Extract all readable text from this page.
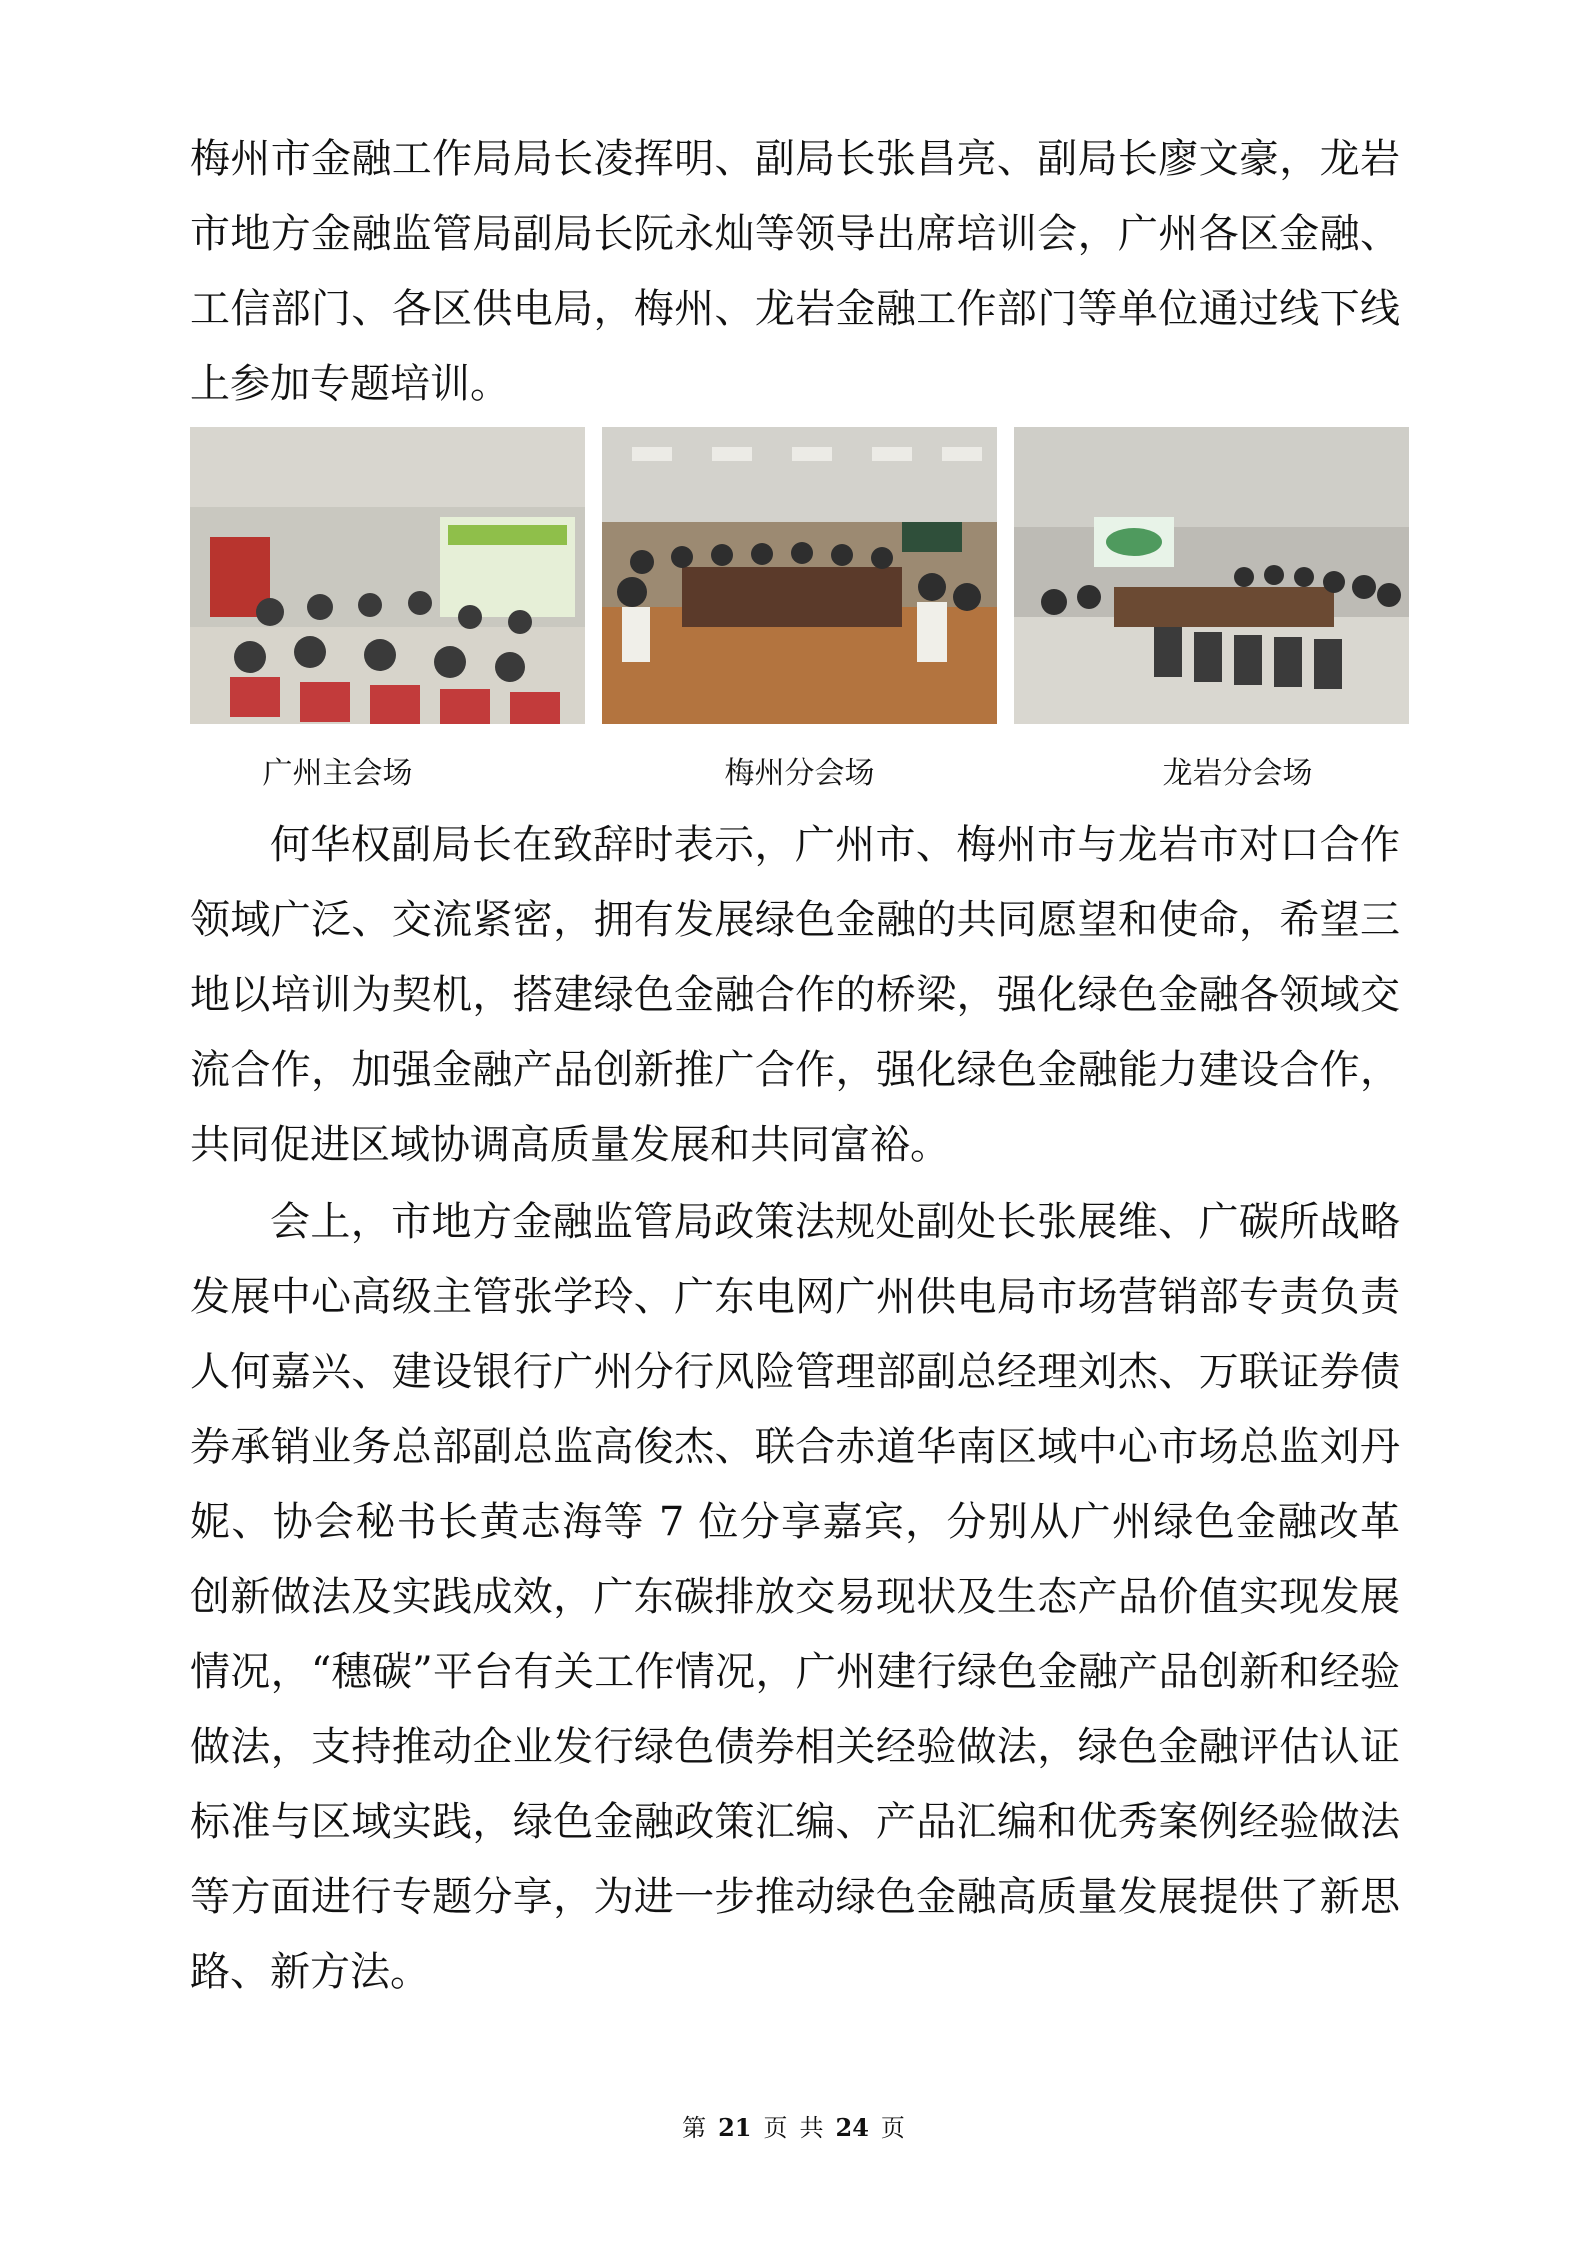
梅州市金融工作局局长凌挥明、副局长张昌亮、副局长廖文豪，龙岩市地方金融监管局副局长阮永灿等领导出席培训会，广州各区金融、工信部门、各区供电局，梅州、龙岩金融工作部门等单位通过线下线上参加专题培训。

广州主会场	梅州分会场	龙岩分会场

何华权副局长在致辞时表示，广州市、梅州市与龙岩市对口合作领域广泛、交流紧密，拥有发展绿色金融的共同愿望和使命，希望三地以培训为契机，搭建绿色金融合作的桥梁，强化绿色金融各领域交流合作，加强金融产品创新推广合作，强化绿色金融能力建设合作，共同促进区域协调高质量发展和共同富裕。

会上，市地方金融监管局政策法规处副处长张展维、广碳所战略发展中心高级主管张学玲、广东电网广州供电局市场营销部专责负责人何嘉兴、建设银行广州分行风险管理部副总经理刘杰、万联证券债券承销业务总部副总监高俊杰、联合赤道华南区域中心市场总监刘丹妮、协会秘书长黄志海等 7 位分享嘉宾，分别从广州绿色金融改革创新做法及实践成效，广东碳排放交易现状及生态产品价值实现发展情况，“穗碳”平台有关工作情况，广州建行绿色金融产品创新和经验做法，支持推动企业发行绿色债券相关经验做法，绿色金融评估认证标准与区域实践，绿色金融政策汇编、产品汇编和优秀案例经验做法等方面进行专题分享，为进一步推动绿色金融高质量发展提供了新思路、新方法。

第 21 页 共 24 页
